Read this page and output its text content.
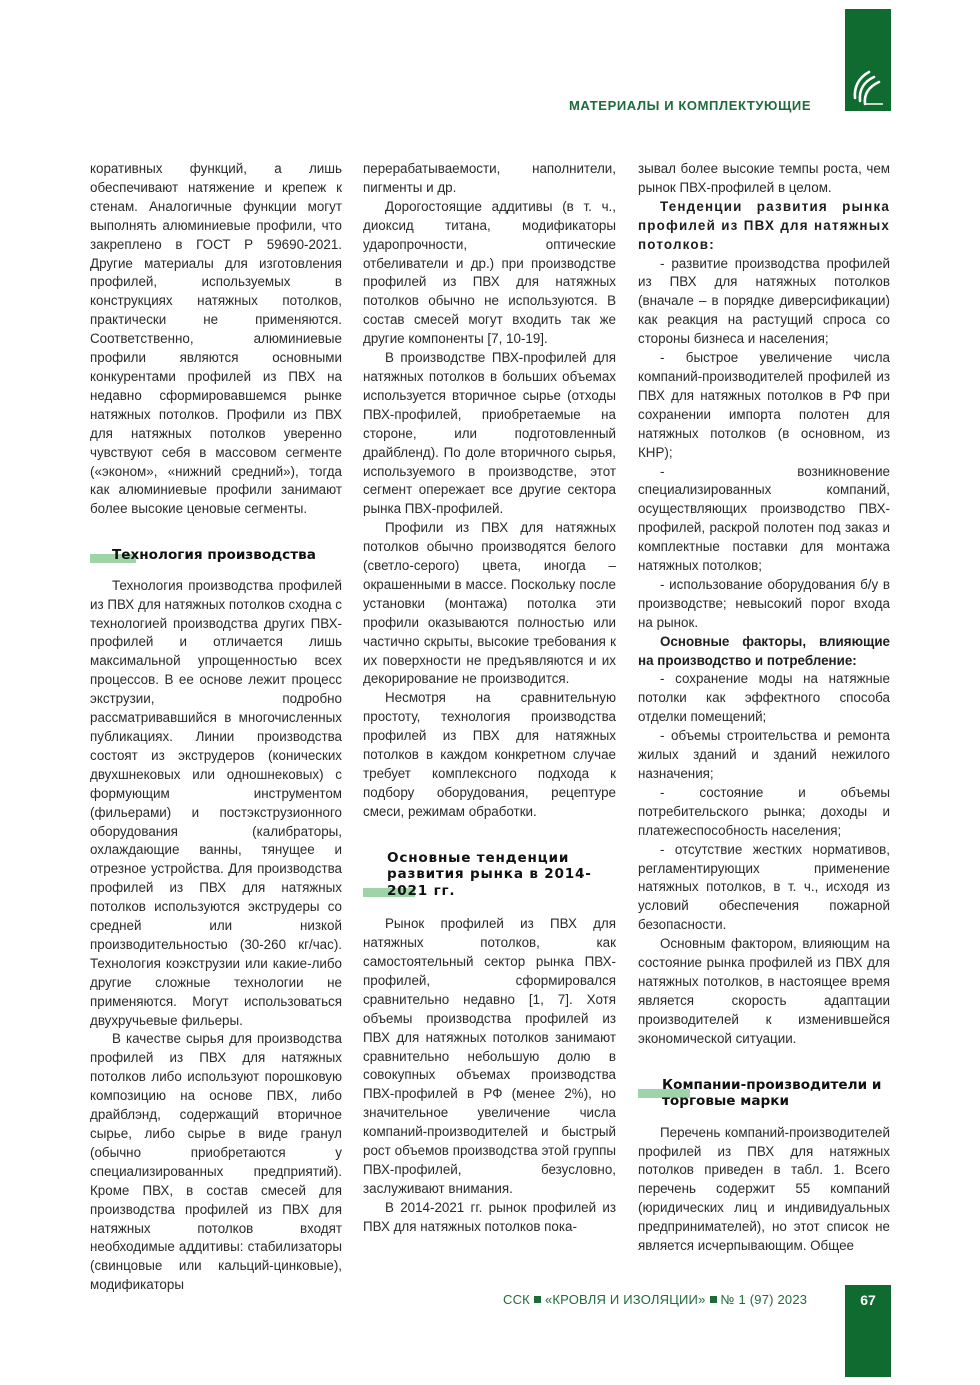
МАТЕРИАЛЫ И КОМПЛЕКТУЮЩИЕ

коративных функций, а лишь обеспечивают натяжение и крепеж к стенам. Аналогичные функции могут выполнять алюминиевые профили, что закреплено в ГОСТ Р 59690-2021. Другие материалы для изготовления профилей, используемых в конструкциях натяжных потолков, практически не применяются. Соответственно, алюминиевые профили являются основными конкурентами профилей из ПВХ на недавно сформировавшемся рынке натяжных потолков. Профили из ПВХ для натяжных потолков уверенно чувствуют себя в массовом сегменте («эконом», «нижний средний»), тогда как алюминиевые профили занимают более высокие ценовые сегменты.

Технология производства

Технология производства профилей из ПВХ для натяжных потолков сходна с технологией производства других ПВХ-профилей и отличается лишь максимальной упрощенностью всех процессов. В ее основе лежит процесс экструзии, подробно рассматривавшийся в многочисленных публикациях. Линии производства состоят из экструдеров (конических двухшнековых или одношнековых) с формующим инструментом (фильерами) и постэкструзионного оборудования (калибраторы, охлаждающие ванны, тянущее и отрезное устройства. Для производства профилей из ПВХ для натяжных потолков используются экструдеры со средней или низкой производительностью (30-260 кг/час). Технология коэкструзии или какие-либо другие сложные технологии не применяются. Могут использоваться двухручьевые фильеры.

В качестве сырья для производства профилей из ПВХ для натяжных потолков либо используют порошковую композицию на основе ПВХ, либо драйблэнд, содержащий вторичное сырье, либо сырье в виде гранул (обычно приобретаются у специализированных предприятий). Кроме ПВХ, в состав смесей для производства профилей из ПВХ для натяжных потолков входят необходимые аддитивы: стабилизаторы (свинцовые или кальций-цинковые), модификаторы

перерабатываемости, наполнители, пигменты и др.

Дорогостоящие аддитивы (в т. ч., диоксид титана, модификаторы ударопрочности, оптические отбеливатели и др.) при производстве профилей из ПВХ для натяжных потолков обычно не используются. В состав смесей могут входить так же другие компоненты [7, 10-19].

В производстве ПВХ-профилей для натяжных потолков в больших объемах используется вторичное сырье (отходы ПВХ-профилей, приобретаемые на стороне, или подготовленный драйбленд). По доле вторичного сырья, используемого в производстве, этот сегмент опережает все другие сектора рынка ПВХ-профилей.

Профили из ПВХ для натяжных потолков обычно производятся белого (светло-серого) цвета, иногда – окрашенными в массе. Поскольку после установки (монтажа) потолка эти профили оказываются полностью или частично скрыты, высокие требования к их поверхности не предъявляются и их декорирование не производится.

Несмотря на сравнительную простоту, технология производства профилей из ПВХ для натяжных потолков в каждом конкретном случае требует комплексного подхода к подбору оборудования, рецептуре смеси, режимам обработки.

Основные тенденции развития рынка в 2014-2021 гг.

Рынок профилей из ПВХ для натяжных потолков, как самостоятельный сектор рынка ПВХ-профилей, сформировался сравнительно недавно [1, 7]. Хотя объемы производства профилей из ПВХ для натяжных потолков занимают сравнительно небольшую долю в совокупных объемах производства ПВХ-профилей в РФ (менее 2%), но значительное увеличение числа компаний-производителей и быстрый рост объемов производства этой группы ПВХ-профилей, безусловно, заслуживают внимания.

В 2014-2021 гг. рынок профилей из ПВХ для натяжных потолков пока-

зывал более высокие темпы роста, чем рынок ПВХ-профилей в целом.

Тенденции развития рынка профилей из ПВХ для натяжных потолков:

- развитие производства профилей из ПВХ для натяжных потолков (вначале – в порядке диверсификации) как реакция на растущий спроса со стороны бизнеса и населения;

- быстрое увеличение числа компаний-производителей профилей из ПВХ для натяжных потолков в РФ при сохранении импорта полотен для натяжных потолков (в основном, из КНР);

- возникновение специализированных компаний, осуществляющих производство ПВХ-профилей, раскрой полотен под заказ и комплектные поставки для монтажа натяжных потолков;

- использование оборудования б/у в производстве; невысокий порог входа на рынок.

Основные факторы, влияющие на производство и потребление:

- сохранение моды на натяжные потолки как эффектного способа отделки помещений;

- объемы строительства и ремонта жилых зданий и зданий нежилого назначения;

- состояние и объемы потребительского рынка; доходы и платежеспособность населения;

- отсутствие жестких нормативов, регламентирующих применение натяжных потолков, в т. ч., исходя из условий обеспечения пожарной безопасности.

Основным фактором, влияющим на состояние рынка профилей из ПВХ для натяжных потолков, в настоящее время является скорость адаптации производителей к изменившейся экономической ситуации.

Компании-производители и торговые марки

Перечень компаний-производителей профилей из ПВХ для натяжных потолков приведен в табл. 1. Всего перечень содержит 55 компаний (юридических лиц и индивидуальных предпринимателей), но этот список не является исчерпывающим. Общее

ССК «КРОВЛЯ И ИЗОЛЯЦИИ» № 1 (97) 2023	67
